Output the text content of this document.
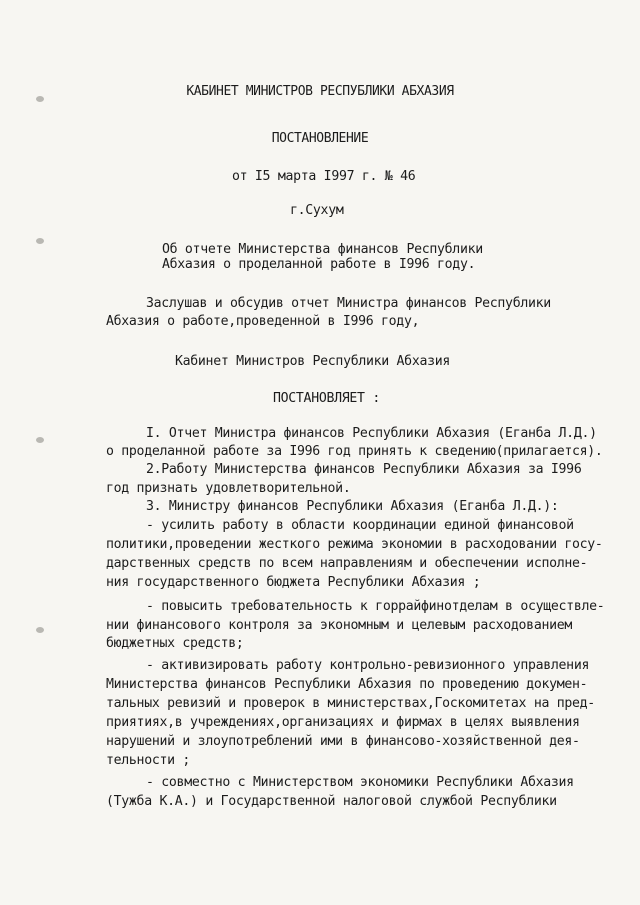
КАБИНЕТ МИНИСТРОВ РЕСПУБЛИКИ АБХАЗИЯ
ПОСТАНОВЛЕНИЕ
от I5 марта I997 г. № 46
г.Сухум
Об отчете Министерства финансов Республики
Абхазия о проделанной работе в I996 году.
Заслушав и обсудив отчет Министра финансов Республики
Абхазия о работе,проведенной в I996 году,
Кабинет Министров Республики Абхазия
ПОСТАНОВЛЯЕТ :
I. Отчет Министра финансов Республики Абхазия (Еганба Л.Д.)
о проделанной работе за I996 год принять к сведению(прилагается).
2.Работу Министерства финансов Республики Абхазия за I996
год признать удовлетворительной.
3. Министру финансов Республики Абхазия (Еганба Л.Д.):
- усилить работу в области координации единой финансовой
политики,проведении жесткого режима экономии в расходовании госу-
дарственных средств по всем направлениям и обеспечении исполне-
ния государственного бюджета Республики Абхазия ;
- повысить требовательность к горрайфинотделам в осуществле-
нии финансового контроля за экономным и целевым расходованием
бюджетных средств;
- активизировать работу контрольно-ревизионного управления
Министерства финансов Республики Абхазия по проведению докумен-
тальных ревизий и проверок в министерствах,Госкомитетах на пред-
приятиях,в учреждениях,организациях и фирмах в целях выявления
нарушений и злоупотреблений ими в финансово-хозяйственной дея-
тельности ;
- совместно с Министерством экономики Республики Абхазия
(Тужба К.А.) и Государственной налоговой службой Республики
